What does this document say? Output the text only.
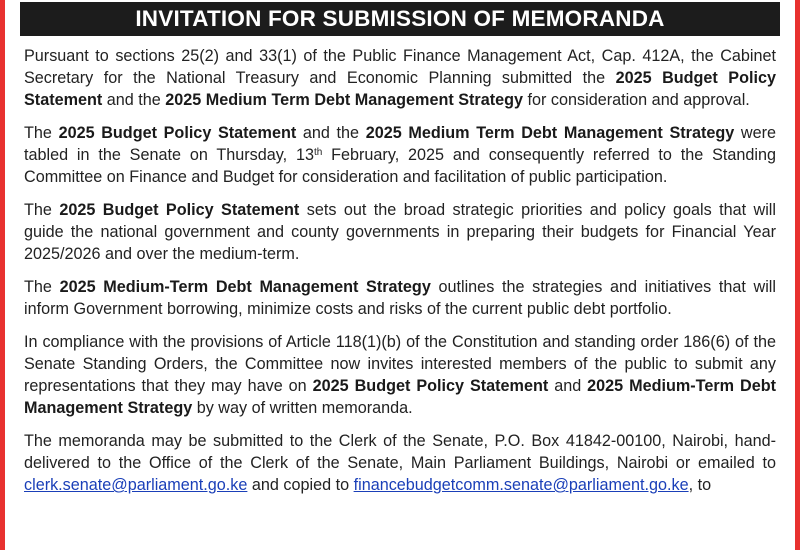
INVITATION FOR SUBMISSION OF MEMORANDA

Pursuant to sections 25(2) and 33(1) of the Public Finance Management Act, Cap. 412A, the Cabinet Secretary for the National Treasury and Economic Planning submitted the 2025 Budget Policy Statement and the 2025 Medium Term Debt Management Strategy for consideration and approval.

The 2025 Budget Policy Statement and the 2025 Medium Term Debt Management Strategy were tabled in the Senate on Thursday, 13th February, 2025 and consequently referred to the Standing Committee on Finance and Budget for consideration and facilitation of public participation.

The 2025 Budget Policy Statement sets out the broad strategic priorities and policy goals that will guide the national government and county governments in preparing their budgets for Financial Year 2025/2026 and over the medium-term.

The 2025 Medium-Term Debt Management Strategy outlines the strategies and initiatives that will inform Government borrowing, minimize costs and risks of the current public debt portfolio.

In compliance with the provisions of Article 118(1)(b) of the Constitution and standing order 186(6) of the Senate Standing Orders, the Committee now invites interested members of the public to submit any representations that they may have on 2025 Budget Policy Statement and 2025 Medium-Term Debt Management Strategy by way of written memoranda.

The memoranda may be submitted to the Clerk of the Senate, P.O. Box 41842-00100, Nairobi, hand-delivered to the Office of the Clerk of the Senate, Main Parliament Buildings, Nairobi or emailed to clerk.senate@parliament.go.ke and copied to financebudgetcomm.senate@parliament.go.ke, to
